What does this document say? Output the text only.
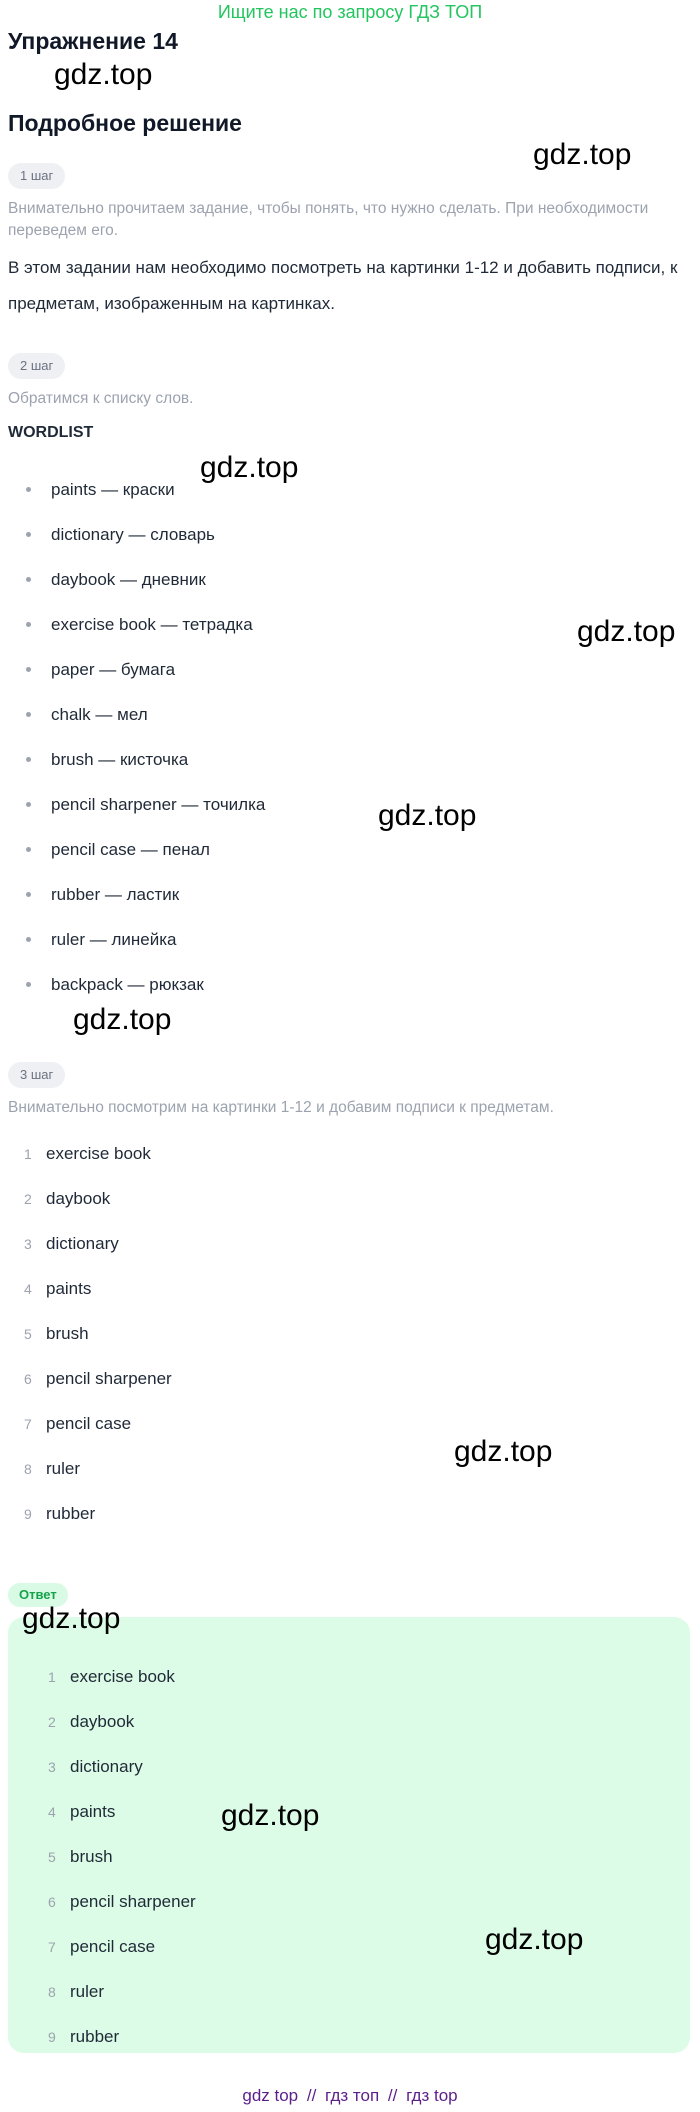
Ищите нас по запросу ГДЗ ТОП
Упражнение 14
gdz.top
Подробное решение
gdz.top
1 шаг
Внимательно прочитаем задание, чтобы понять, что нужно сделать. При необходимости переведем его.
В этом задании нам необходимо посмотреть на картинки 1-12 и добавить подписи, к предметам, изображенным на картинках.
2 шаг
Обратимся к списку слов.
WORDLIST
paints — краски
dictionary — словарь
daybook — дневник
exercise book — тетрадка
paper — бумага
chalk — мел
brush — кисточка
pencil sharpener — точилка
pencil case — пенал
rubber — ластик
ruler — линейка
backpack — рюкзак
gdz.top
gdz.top
gdz.top
gdz.top
3 шаг
Внимательно посмотрим на картинки 1-12 и добавим подписи к предметам.
1 exercise book
2 daybook
3 dictionary
4 paints
5 brush
6 pencil sharpener
7 pencil case
8 ruler
9 rubber
gdz.top
Ответ
1 exercise book
2 daybook
3 dictionary
4 paints
5 brush
6 pencil sharpener
7 pencil case
8 ruler
9 rubber
gdz.top
gdz.top
gdz.top
gdz top // гдз топ // гдз top
